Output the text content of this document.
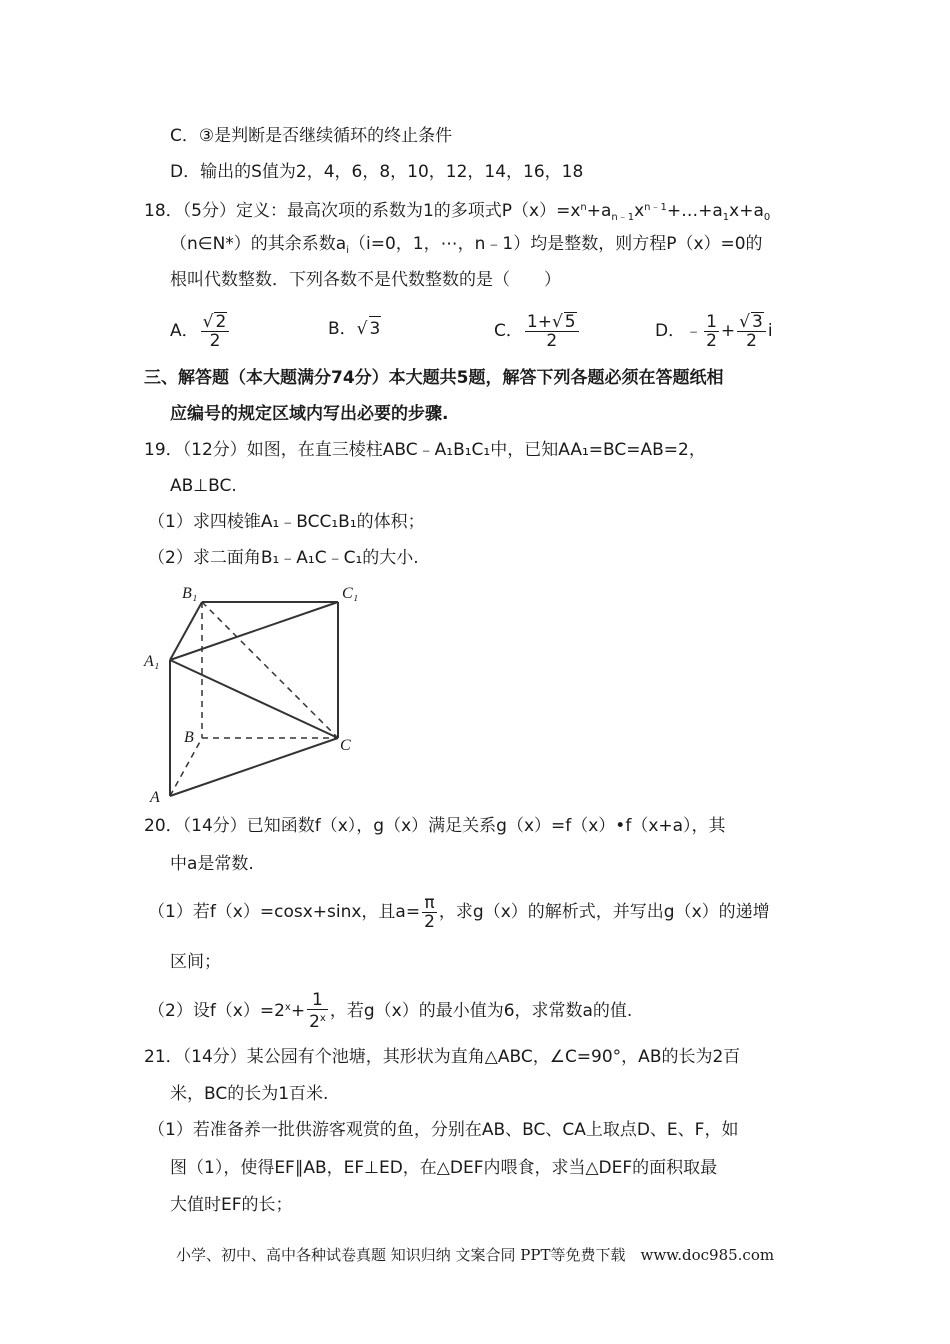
C．③是判断是否继续循环的终止条件
D．输出的S值为2，4，6，8，10，12，14，16，18
18．（5分）定义：最高次项的系数为1的多项式$P(x)=x^n+a_{n﹣1}x^{n﹣1}+\dots+a_1x+a_0$
（n∈N*）的其余系数$a_i(i=0$，1，⋯，n﹣1）均是整数，则方程P（x）=0的
根叫代数整数．下列各数不是代数整数的是（　　）
A． $\frac{√ 2}{2}$	B．√ 3	C． $\frac{1+√ 5}{2}$	D．﹣ $\frac{1}{2} + \frac{√ 3}{2}$ i
三、解答题（本大题满分74分）本大题共5题，解答下列各题必须在答题纸相
应编号的规定区域内写出必要的步骤.
19．（12分）如图，在直三棱柱ABC﹣A₁B₁C₁中，已知AA₁=BC=AB=2，
AB⊥BC.
（1）求四棱锥A₁﹣BCC₁B₁的体积；
（2）求二面角B₁﹣A₁C﹣C₁的大小.
B₁	C₁
A₁
B	C
A
20．（14分）已知函数f（x），g（x）满足关系g（x）=f（x）•f（x+a），其
中a是常数.
（1）若f（x）=cosx+sinx，且$a= \frac{\pi}{2}$ ，求g（x）的解析式，并写出g（x）的递增
区间；
（2）设$f(x)=2^x+ \frac{1}{2^x}$ ，若g（x）的最小值为6，求常数a的值.
21．（14分）某公园有个池塘，其形状为直角△ABC，∠C=90°，AB的长为2百
米，BC的长为1百米.
（1）若准备养一批供游客观赏的鱼，分别在AB、BC、CA上取点D、E、F，如
图（1），使得EF∥AB，EF⊥ED，在△DEF内喂食，求当△DEF的面积取最
大值时EF的长；
小学、初中、高中各种试卷真题 知识归纳 文案合同 PPT等免费下载　www.doc985.com
